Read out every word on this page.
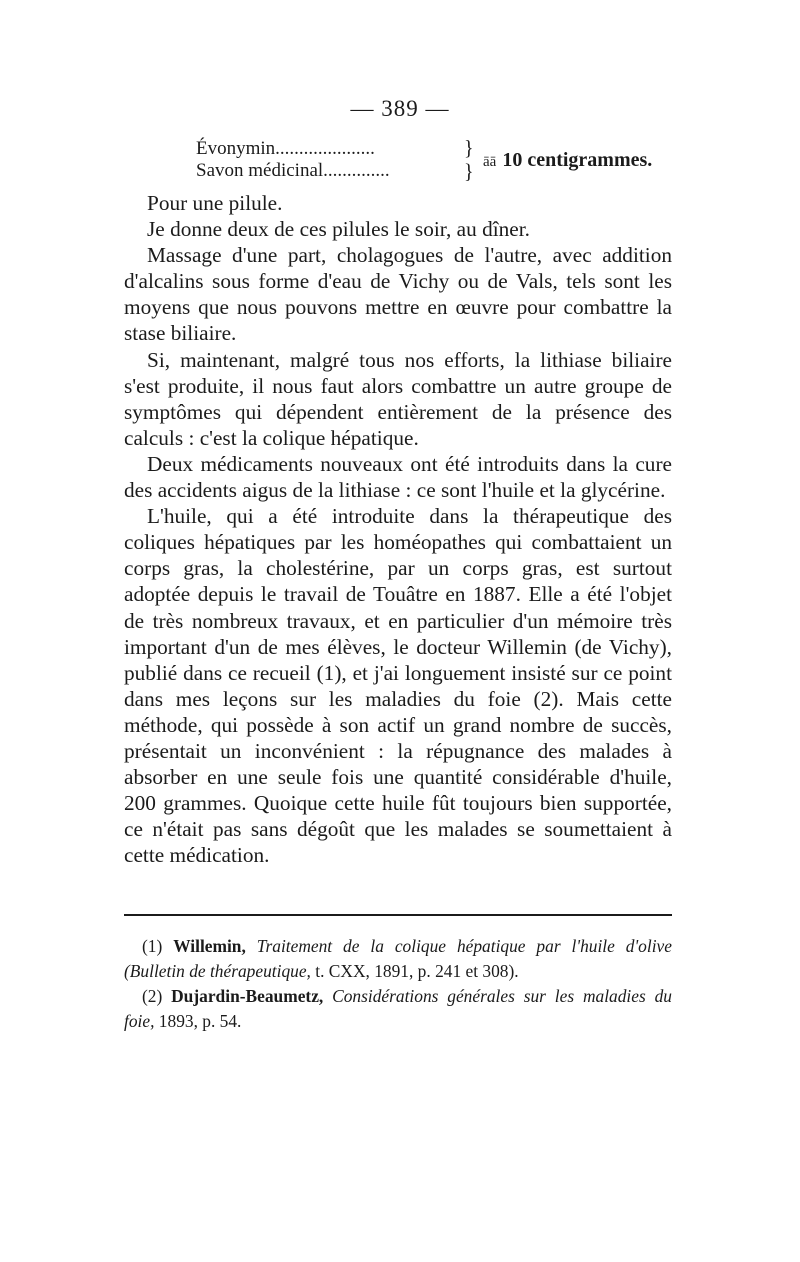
— 389 —
Évonymin.....................
Savon médicinal..............
}
} āā 10 centigrammes.

Pour une pilule.

Je donne deux de ces pilules le soir, au dîner.

Massage d'une part, cholagogues de l'autre, avec addition d'alcalins sous forme d'eau de Vichy ou de Vals, tels sont les moyens que nous pouvons mettre en œuvre pour combattre la stase biliaire.

Si, maintenant, malgré tous nos efforts, la lithiase biliaire s'est produite, il nous faut alors combattre un autre groupe de symptômes qui dépendent entièrement de la présence des calculs : c'est la colique hépatique.

Deux médicaments nouveaux ont été introduits dans la cure des accidents aigus de la lithiase : ce sont l'huile et la glycérine.

L'huile, qui a été introduite dans la thérapeutique des coliques hépatiques par les homéopathes qui combattaient un corps gras, la cholestérine, par un corps gras, est surtout adoptée depuis le travail de Touâtre en 1887. Elle a été l'objet de très nombreux travaux, et en particulier d'un mémoire très important d'un de mes élèves, le docteur Willemin (de Vichy), publié dans ce recueil (1), et j'ai longuement insisté sur ce point dans mes leçons sur les maladies du foie (2). Mais cette méthode, qui possède à son actif un grand nombre de succès, présentait un inconvénient : la répugnance des malades à absorber en une seule fois une quantité considérable d'huile, 200 grammes. Quoique cette huile fût toujours bien supportée, ce n'était pas sans dégoût que les malades se soumettaient à cette médication.

(1) Willemin, Traitement de la colique hépatique par l'huile d'olive (Bulletin de thérapeutique, t. CXX, 1891, p. 241 et 308).

(2) Dujardin-Beaumetz, Considérations générales sur les maladies du foie, 1893, p. 54.
